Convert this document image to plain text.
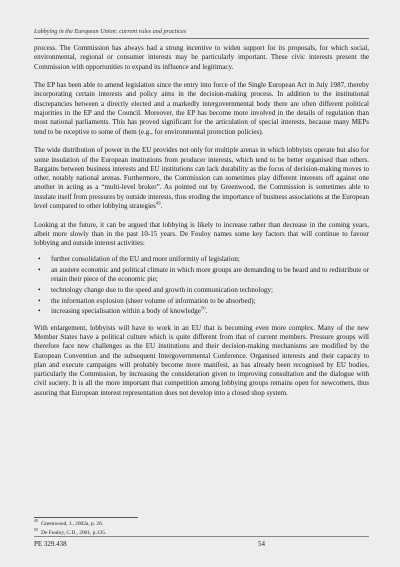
Lobbying in the European Union: current rules and practices

process. The Commission has always had a strong incentive to widen support for its proposals, for which social, environmental, regional or consumer interests may be particularly important. These civic interests present the Commission with opportunities to expand its influence and legitimacy.

The EP has been able to amend legislation since the entry into force of the Single European Act in July 1987, thereby incorporating certain interests and policy aims in the decision-making process. In addition to the institutional discrepancies between a directly elected and a markedly intergovernmental body there are often different political majorities in the EP and the Council. Moreover, the EP has become more involved in the details of regulation than most national parliaments. This has proved significant for the articulation of special interests, because many MEPs tend to be receptive to some of them (e.g., for environmental protection policies).

The wide distribution of power in the EU provides not only for multiple arenas in which lobbyists operate but also for some insulation of the European institutions from producer interests, which tend to be better organised than others. Bargains between business interests and EU institutions can lack durability as the focus of decision-making moves to other, notably national arenas. Furthermore, the Commission can sometimes play different interests off against one another in acting as a “multi-level broker”. As pointed out by Greenwood, the Commission is sometimes able to insulate itself from pressures by outside interests, thus eroding the importance of business associations at the European level compared to other lobbying strategies$^{49}$.

Looking at the future, it can be argued that lobbying is likely to increase rather than decrease in the coming years, albeit more slowly than in the past 10-15 years. De Fouloy names some key factors that will continue to favour lobbying and outside interest activities:

• further consolidation of the EU and more uniformity of legislation;
• an austere economic and political climate in which more groups are demanding to be heard and to redistribute or retain their piece of the economic pie;
• technology change due to the speed and growth in communication technology;
• the information explosion (sheer volume of information to be absorbed);
• increasing specialisation within a body of knowledge$^{50}$.

With enlargement, lobbyists will have to work in an EU that is becoming even more complex. Many of the new Member States have a political culture which is quite different from that of current members. Pressure groups will therefore face new challenges as the EU institutions and their decision-making mechanisms are modified by the European Convention and the subsequent Intergovernmental Conference. Organised interests and their capacity to plan and execute campaigns will probably become more manifest, as has already been recognised by EU bodies, particularly the Commission, by increasing the consideration given to improving consultation and the dialogue with civil society. It is all the more important that competition among lobbying groups remains open for newcomers, thus assuring that European interest representation does not develop into a closed shop system.

$^{49}$ Greenwood, J., 2002a, p. 26.
$^{50}$ De Fouloy, C.D., 2001, p.135.
PE 329.438	54
